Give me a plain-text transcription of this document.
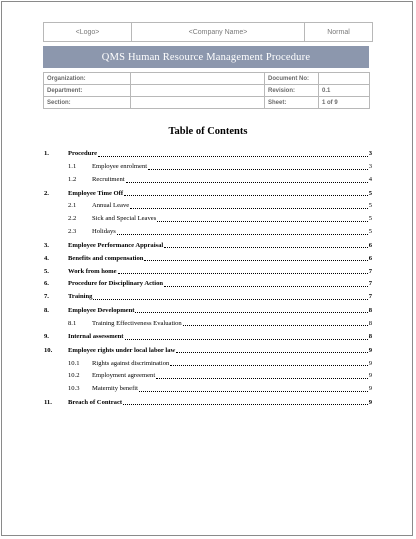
<Logo>	<Company Name>	Normal
QMS Human Resource Management Procedure
Organization:		Document No:	
Department:		Revision:	0.1
Section:		Sheet:	1 of 9
Table of Contents
1.	Procedure	3
1.1 Employee enrolment	3
1.2 Recruitment	4
2.	Employee Time Off	5
2.1 Annual Leave	5
2.2 Sick and Special Leaves	5
2.3 Holidays	5
3.	Employee Performance Appraisal	6
4.	Benefits and compensation	6
5.	Work from home	7
6.	Procedure for Disciplinary Action	7
7.	Training	7
8.	Employee Development	8
8.1 Training Effectiveness Evaluation	8
9.	Internal assessment	8
10. Employee rights under local labor law	9
10.1 Rights against discrimination	9
10.2 Employment agreement	9
10.3 Maternity benefit	9
11. Breach of Contract	9
